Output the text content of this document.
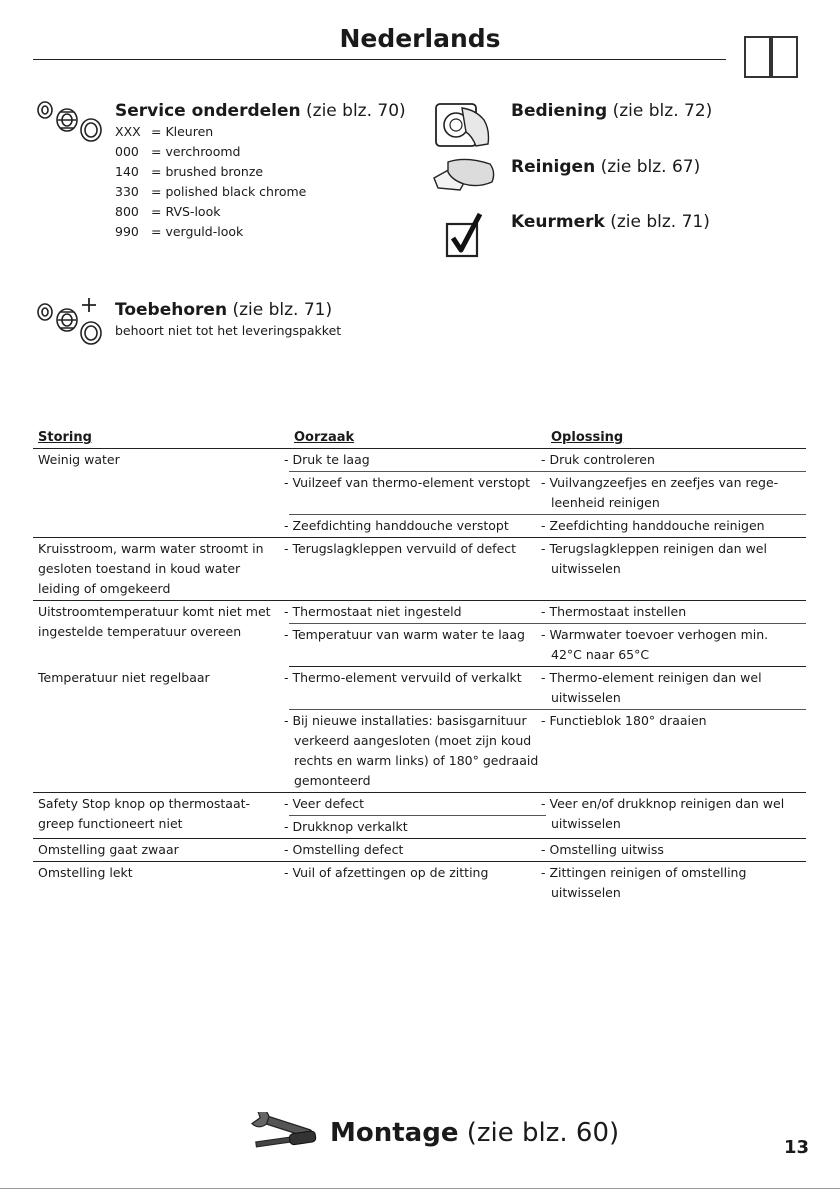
Nederlands
Service onderdelen (zie blz. 70)
XXX = Kleuren
000 = verchroomd
140 = brushed bronze
330 = polished black chrome
800 = RVS-look
990 = verguld-look
Bediening (zie blz. 72)
Reinigen (zie blz. 67)
Keurmerk (zie blz. 71)
Toebehoren (zie blz. 71)
behoort niet tot het leveringspakket
Storing	Oorzaak	Oplossing
Weinig water	- Druk te laag	- Druk controleren
	- Vuilzeef van thermo-element verstopt	- Vuilvangzeefjes en zeefjes van rege-leenheid reinigen
	- Zeefdichting handdouche verstopt	- Zeefdichting handdouche reinigen
Kruisstroom, warm water stroomt in gesloten toestand in koud water leiding of omgekeerd	- Terugslagkleppen vervuild of defect	- Terugslagkleppen reinigen dan wel uitwisselen
Uitstroomtemperatuur komt niet met ingestelde temperatuur overeen	- Thermostaat niet ingesteld	- Thermostaat instellen
	- Temperatuur van warm water te laag	- Warmwater toevoer verhogen min. 42°C naar 65°C
Temperatuur niet regelbaar	- Thermo-element vervuild of verkalkt	- Thermo-element reinigen dan wel uitwisselen
	- Bij nieuwe installaties: basisgarnituur verkeerd aangesloten (moet zijn koud rechts en warm links) of 180° gedraaid gemonteerd	- Functieblok 180° draaien
Safety Stop knop op thermostaat-greep functioneert niet	- Veer defect	- Veer en/of drukknop reinigen dan wel uitwisselen
	- Drukknop verkalkt	
Omstelling gaat zwaar	- Omstelling defect	- Omstelling uitwiss
Omstelling lekt	- Vuil of afzettingen op de zitting	- Zittingen reinigen of omstelling uitwisselen
Montage (zie blz. 60)	13
